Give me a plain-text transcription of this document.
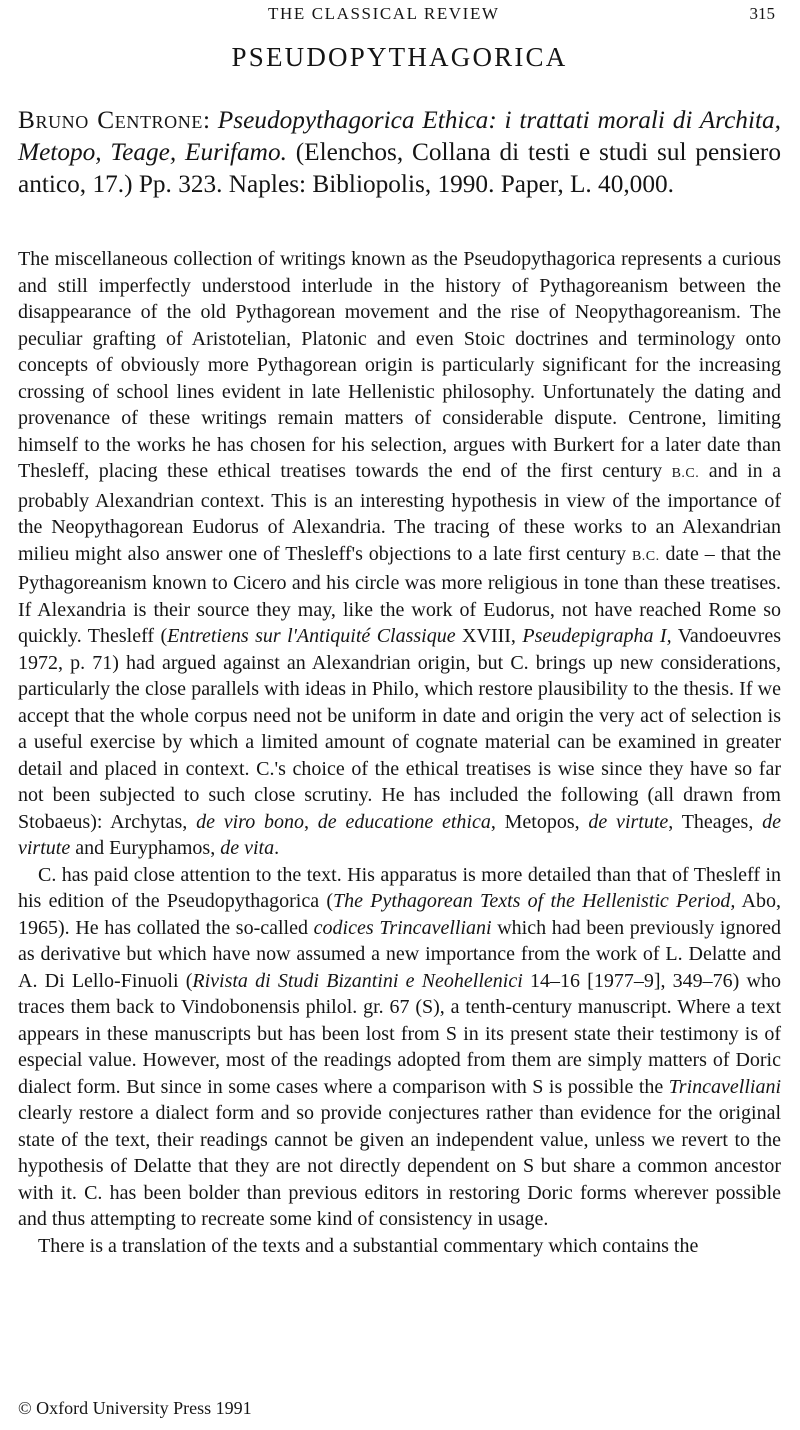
THE CLASSICAL REVIEW	315
PSEUDOPYTHAGORICA
Bruno Centrone: Pseudopythagorica Ethica: i trattati morali di Archita, Metopo, Teage, Eurifamo. (Elenchos, Collana di testi e studi sul pensiero antico, 17.) Pp. 323. Naples: Bibliopolis, 1990. Paper, L. 40,000.

The miscellaneous collection of writings known as the Pseudopythagorica represents a curious and still imperfectly understood interlude in the history of Pythagoreanism between the disappearance of the old Pythagorean movement and the rise of Neopythagoreanism. The peculiar grafting of Aristotelian, Platonic and even Stoic doctrines and terminology onto concepts of obviously more Pythagorean origin is particularly significant for the increasing crossing of school lines evident in late Hellenistic philosophy. Unfortunately the dating and provenance of these writings remain matters of considerable dispute. Centrone, limiting himself to the works he has chosen for his selection, argues with Burkert for a later date than Thesleff, placing these ethical treatises towards the end of the first century B.C. and in a probably Alexandrian context. This is an interesting hypothesis in view of the importance of the Neopythagorean Eudorus of Alexandria. The tracing of these works to an Alexandrian milieu might also answer one of Thesleff's objections to a late first century B.C. date – that the Pythagoreanism known to Cicero and his circle was more religious in tone than these treatises. If Alexandria is their source they may, like the work of Eudorus, not have reached Rome so quickly. Thesleff (Entretiens sur l'Antiquité Classique XVIII, Pseudepigrapha I, Vandoeuvres 1972, p. 71) had argued against an Alexandrian origin, but C. brings up new considerations, particularly the close parallels with ideas in Philo, which restore plausibility to the thesis. If we accept that the whole corpus need not be uniform in date and origin the very act of selection is a useful exercise by which a limited amount of cognate material can be examined in greater detail and placed in context. C.'s choice of the ethical treatises is wise since they have so far not been subjected to such close scrutiny. He has included the following (all drawn from Stobaeus): Archytas, de viro bono, de educatione ethica, Metopos, de virtute, Theages, de virtute and Euryphamos, de vita.

C. has paid close attention to the text. His apparatus is more detailed than that of Thesleff in his edition of the Pseudopythagorica (The Pythagorean Texts of the Hellenistic Period, Abo, 1965). He has collated the so-called codices Trincavelliani which had been previously ignored as derivative but which have now assumed a new importance from the work of L. Delatte and A. Di Lello-Finuoli (Rivista di Studi Bizantini e Neohellenici 14–16 [1977–9], 349–76) who traces them back to Vindobonensis philol. gr. 67 (S), a tenth-century manuscript. Where a text appears in these manuscripts but has been lost from S in its present state their testimony is of especial value. However, most of the readings adopted from them are simply matters of Doric dialect form. But since in some cases where a comparison with S is possible the Trincavelliani clearly restore a dialect form and so provide conjectures rather than evidence for the original state of the text, their readings cannot be given an independent value, unless we revert to the hypothesis of Delatte that they are not directly dependent on S but share a common ancestor with it. C. has been bolder than previous editors in restoring Doric forms wherever possible and thus attempting to recreate some kind of consistency in usage.

There is a translation of the texts and a substantial commentary which contains the

© Oxford University Press 1991
